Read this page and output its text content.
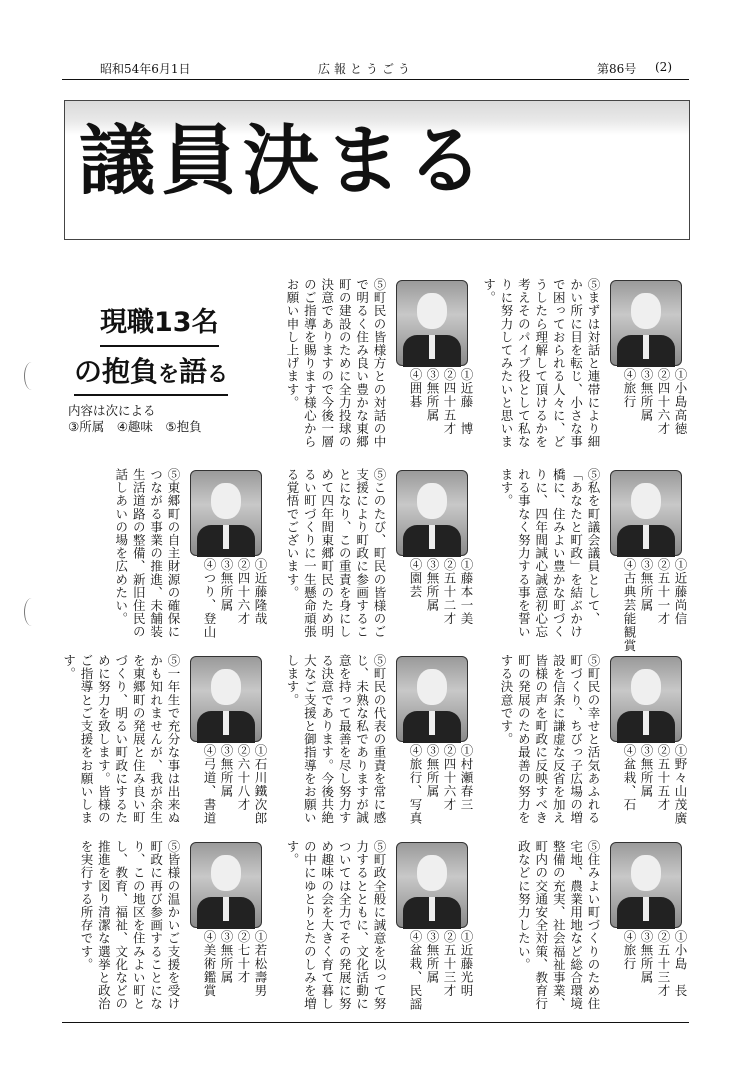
昭和54年6月1日	広報とうごう	第86号 (2)
議員決まる
現職13名
の抱負を語る
内容は次による
③所属　④趣味　⑤抱負	⑤まずは対話と連帯により細かい所に目を転じ、小さな事で困っておられる人々に、どうしたら理解して頂けるかを考えそのパイプ役として私なりに努力してみたいと思います。
①小島高徳
②四十六才
③無所属
④旅行
⑤町民の皆様方との対話の中で明るく住み良い豊かな東郷町の建設のために全力投球の決意でありますので今後一層のご指導を賜ります様心からお願い申し上げます。	①近藤　博
②四十五才
③無所属
④囲碁
⑤私を町議会議員として、「あなたと町政」を結ぶかけ橋に、住みよい豊かな町づくりに、四年間誠心誠意初心忘れる事なく努力する事を誓います。
①近藤尚信
②五十一才
③無所属
④古典芸能観賞
⑤このたび、町民の皆様のご支援により町政に参画することになり、この重責を身にしめて四年間東郷町民のため明るい町づくりに一生懸命頑張る覚悟でございます。	①藤本一美
②五十二才
③無所属
④園芸
⑤東郷町の自主財源の確保につながる事業の推進、未舗装生活道路の整備、新旧住民の話しあいの場を広めたい。	①近藤隆哉
②四十六才
③無所属
④つり、登山
⑤町民の幸せと活気あふれる町づくり、ちびっ子広場の増設を信条に謙虚な反省を加え皆様の声を町政に反映すべき町の発展のため最善の努力をする決意です。
①野々山茂廣
②五十五才
③無所属
④盆栽、石
⑤町民の代表の重責を常に感じ、未熟な私でありますが誠意を持って最善を尽し努力する決意であります。今後共絶大なご支援と御指導をお願いします。
①村瀬春三
②四十六才
③無所属
④旅行、写真
⑤一年生で充分な事は出来ぬかも知れませんが、我が余生を東郷町の発展と住み良い町づくり、明るい町政にするために努力を致します。皆様のご指導とご支援をお願いします。
①石川鐵次郎
②六十八才
③無所属
④弓道、書道
⑤住みよい町づくりのため住宅地、農業用地など総合環境整備の充実、社会福祉事業、町内の交通安全対策、教育行政などに努力したい。	①小島　長
②五十三才
③無所属
④旅行
⑤町政全般に誠意を以って努力するとともに、文化活動については全力でその発展に努め趣味の会を大きく育て暮しの中にゆとりとたのしみを増す。
①近藤光明
②五十三才
③無所属
④盆栽、民謡
⑤皆様の温かいご支援を受け町政に再び参画することになり、この地区を住みよい町とし、教育、福祉、文化などの推進を図り清潔な選挙と政治を実行する所存です。	①若松壽男
②七十才
③無所属
④美術鑑賞
